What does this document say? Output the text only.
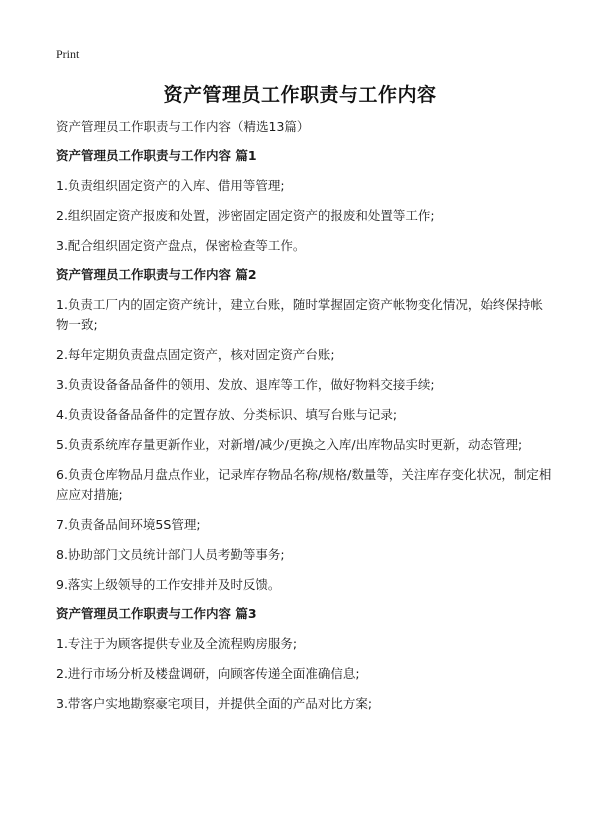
Print
资产管理员工作职责与工作内容

资产管理员工作职责与工作内容（精选13篇）

资产管理员工作职责与工作内容 篇1

1.负责组织固定资产的入库、借用等管理;

2.组织固定资产报废和处置，涉密固定固定资产的报废和处置等工作;

3.配合组织固定资产盘点，保密检查等工作。

资产管理员工作职责与工作内容 篇2

1.负责工厂内的固定资产统计，建立台账，随时掌握固定资产帐物变化情况，始终保持帐物一致;

2.每年定期负责盘点固定资产，核对固定资产台账;

3.负责设备备品备件的领用、发放、退库等工作，做好物料交接手续;

4.负责设备备品备件的定置存放、分类标识、填写台账与记录;

5.负责系统库存量更新作业，对新增/减少/更换之入库/出库物品实时更新，动态管理;

6.负责仓库物品月盘点作业，记录库存物品名称/规格/数量等，关注库存变化状况，制定相应应对措施;

7.负责备品间环境5S管理;

8.协助部门文员统计部门人员考勤等事务;

9.落实上级领导的工作安排并及时反馈。

资产管理员工作职责与工作内容 篇3

1.专注于为顾客提供专业及全流程购房服务;

2.进行市场分析及楼盘调研，向顾客传递全面准确信息;

3.带客户实地勘察豪宅项目，并提供全面的产品对比方案;
